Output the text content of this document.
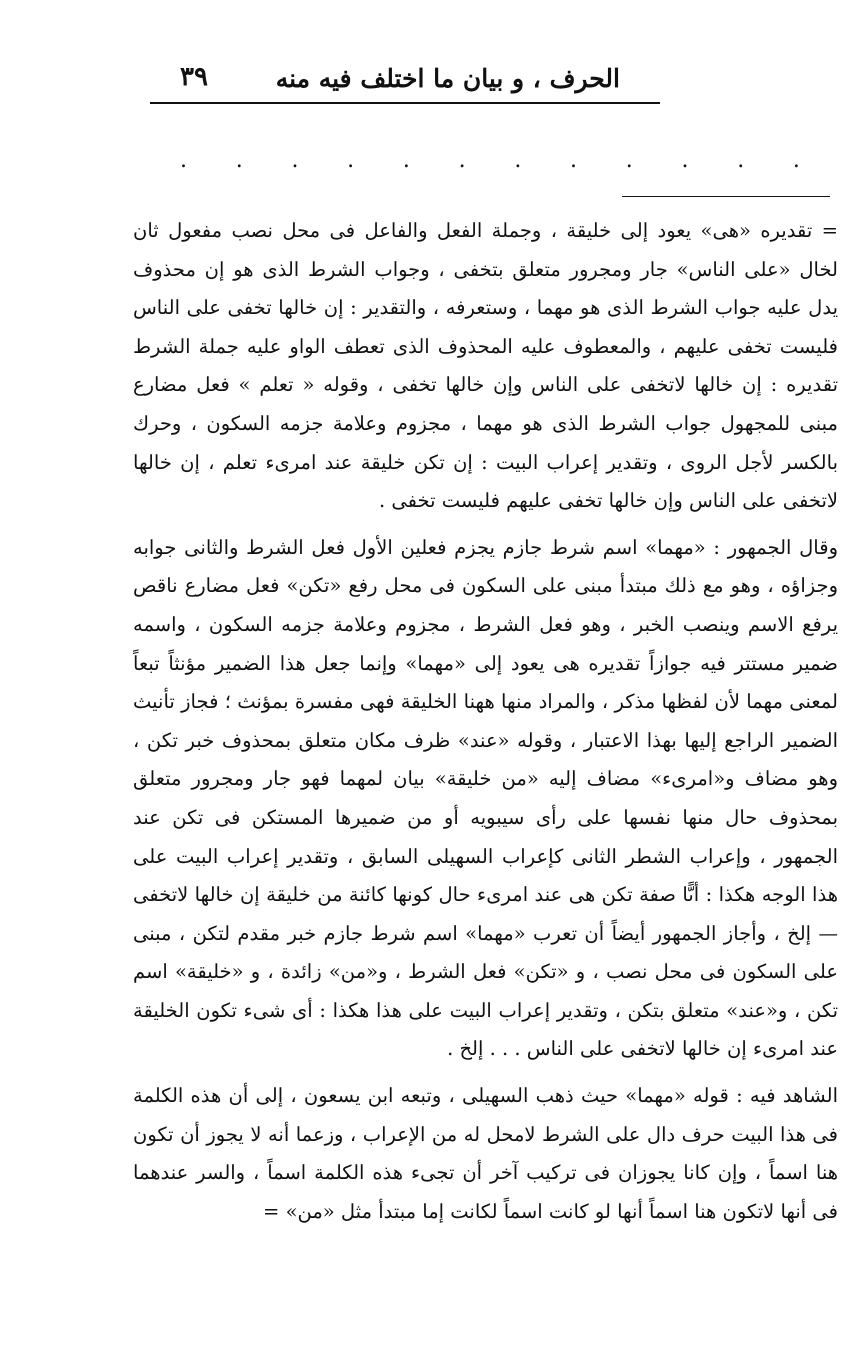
الحرف ، و بيان ما اختلف فيه منه
٣٩
. . . . . . . . . . . .

= تقديره «هى» يعود إلى خليقة ، وجملة الفعل والفاعل فى محل نصب مفعول ثان لخال «على الناس» جار ومجرور متعلق بتخفى ، وجواب الشرط الذى هو إن محذوف يدل عليه جواب الشرط الذى هو مهما ، وستعرفه ، والتقدير : إن خالها تخفى على الناس فليست تخفى عليهم ، والمعطوف عليه المحذوف الذى تعطف الواو عليه جملة الشرط تقديره : إن خالها لاتخفى على الناس وإن خالها تخفى ، وقوله « تعلم » فعل مضارع مبنى للمجهول جواب الشرط الذى هو مهما ، مجزوم وعلامة جزمه السكون ، وحرك بالكسر لأجل الروى ، وتقدير إعراب البيت : إن تكن خليقة عند امرىء تعلم ، إن خالها لاتخفى على الناس وإن خالها تخفى عليهم فليست تخفى .

وقال الجمهور : «مهما» اسم شرط جازم يجزم فعلين الأول فعل الشرط والثانى جوابه وجزاؤه ، وهو مع ذلك مبتدأ مبنى على السكون فى محل رفع «تكن» فعل مضارع ناقص يرفع الاسم وينصب الخبر ، وهو فعل الشرط ، مجزوم وعلامة جزمه السكون ، واسمه ضمير مستتر فيه جوازاً تقديره هى يعود إلى «مهما» وإنما جعل هذا الضمير مؤنثاً تبعاً لمعنى مهما لأن لفظها مذكر ، والمراد منها ههنا الخليقة فهى مفسرة بمؤنث ؛ فجاز تأنيث الضمير الراجع إليها بهذا الاعتبار ، وقوله «عند» ظرف مكان متعلق بمحذوف خبر تكن ، وهو مضاف و«امرىء» مضاف إليه «من خليقة» بيان لمهما فهو جار ومجرور متعلق بمحذوف حال منها نفسها على رأى سيبويه أو من ضميرها المستكن فى تكن عند الجمهور ، وإعراب الشطر الثانى كإعراب السهيلى السابق ، وتقدير إعراب البيت على هذا الوجه هكذا : أىًّا صفة تكن هى عند امرىء حال كونها كائنة من خليقة إن خالها لاتخفى — إلخ ، وأجاز الجمهور أيضاً أن تعرب «مهما» اسم شرط جازم خبر مقدم لتكن ، مبنى على السكون فى محل نصب ، و «تكن» فعل الشرط ، و«من» زائدة ، و «خليقة» اسم تكن ، و«عند» متعلق بتكن ، وتقدير إعراب البيت على هذا هكذا : أى شىء تكون الخليقة عند امرىء إن خالها لاتخفى على الناس . . . إلخ .

الشاهد فيه : قوله «مهما» حيث ذهب السهيلى ، وتبعه ابن يسعون ، إلى أن هذه الكلمة فى هذا البيت حرف دال على الشرط لامحل له من الإعراب ، وزعما أنه لا يجوز أن تكون هنا اسماً ، وإن كانا يجوزان فى تركيب آخر أن تجىء هذه الكلمة اسماً ، والسر عندهما فى أنها لاتكون هنا اسماً أنها لو كانت اسماً لكانت إما مبتدأ مثل «من» =
